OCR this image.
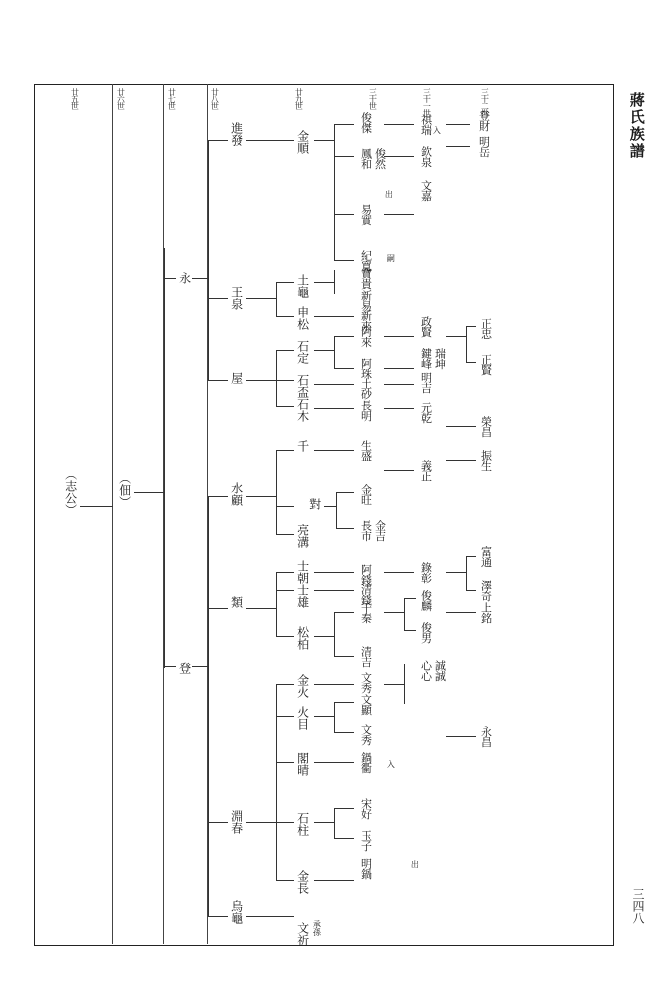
蔣氏族譜
廿五世	廿六世	廿七世	廿八世	廿九世	三十世	三十一世	三十二世
（志公）	（佃）
永
登
進發
王泉
屋
水顧
類
淵春
烏龜
金順
土龜
申松
石定
石盃
石木
千
對
亮溝
士朝
士雄
松柏
金火
火目
閣晴
石柱
金長
文祈 承孫
俊傑
鳳和 俊然
易實
紀寬
寶貴
新易
新來
阿來
阿珠
土砂
長明
生盛
金旺
長市 金吉
阿錢
清錢
千秦
清吉
文秀
文顯
文秀
鍋衢
宋好
玉子
明鍋
祺瑞
欽泉
文嘉
政賢
鍵峰 瑞坤
明吉
元乾
義正
錄彰
俊麟
俊男
心心 誠誠
登財
明岳
正忠
正賢
榮昌
振生
富通
澤奇
上銘
永昌
出
入
嗣
出
入
三四八
